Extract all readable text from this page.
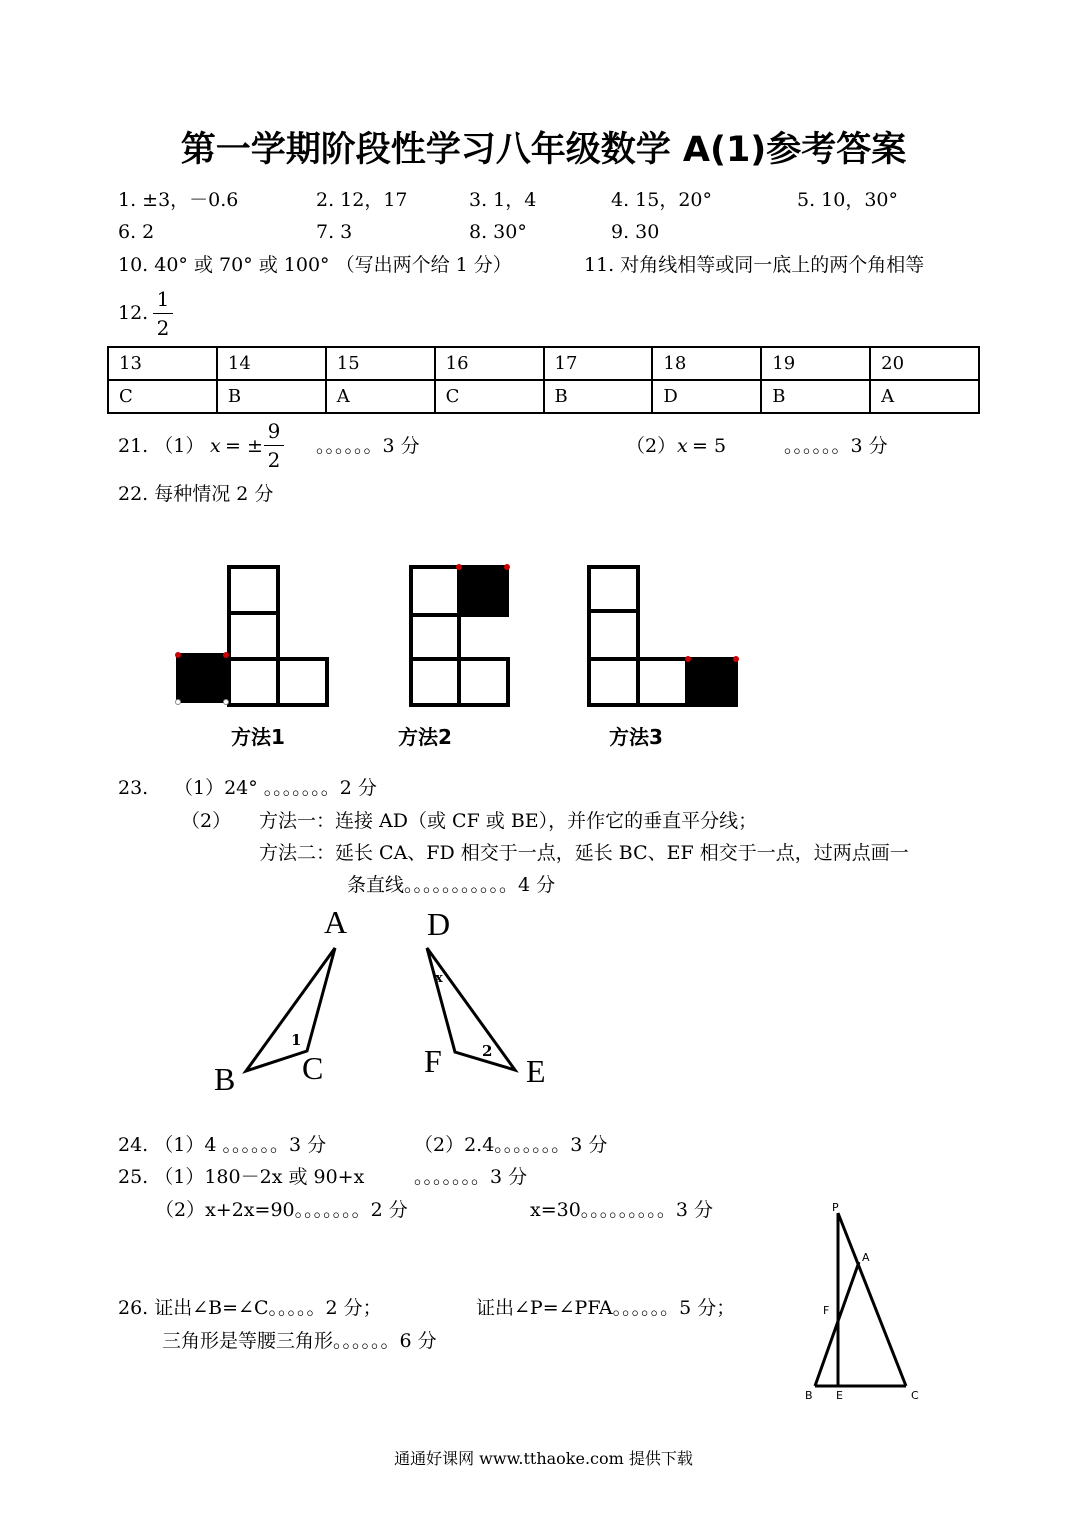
第一学期阶段性学习八年级数学 A(1)参考答案
1. ±3，－0.6	2. 12，17	3. 1，4	4. 15，20°	5. 10，30°
6. 2	7. 3	8. 30°	9. 30
10. 40° 或 70° 或 100° （写出两个给 1 分）	11. 对角线相等或同一底上的两个角相等
12.
1
2
13	14	15	16	17	18	19	20
C	B	A	C	B	D	B	A
21. （1） x = ±
9
2
。。。。。。3 分	（2） x = 5	。。。。。。3 分
22. 每种情况 2 分
方法1	方法2	方法3
23. （1）24° 。。。。。。。2 分
（2） 方法一：连接 AD（或 CF 或 BE），并作它的垂直平分线；
方法二：延长 CA、FD 相交于一点，延长 BC、EF 相交于一点，过两点画一
条直线。。。。。。。。。。。4 分
A
B C
1
D
F	E
2
x
24. （1）4 。。。。。。3 分	（2）2.4。。。。。。。3 分
25. （1）180－2x 或 90+x	。。。。。。。3 分
（2）x+2x=90。。。。。。。2 分	x=30。。。。。。。。。3 分
26. 证出∠B=∠C。。。。。2 分；	证出∠P=∠PFA。。。。。。5 分；
三角形是等腰三角形。。。。。。6 分
P
A
F
B E	C
通通好课网 www.tthaoke.com 提供下载
